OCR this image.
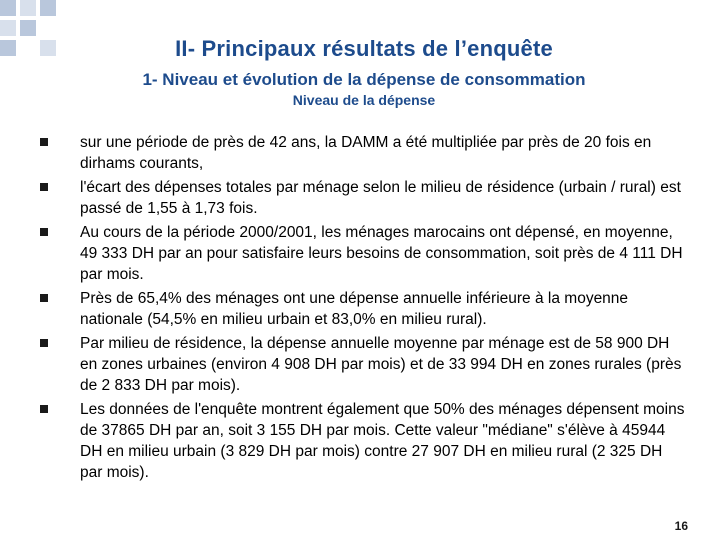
II- Principaux résultats de l’enquête
1- Niveau et évolution de la dépense de consommation
Niveau de la dépense
sur une période de près de 42 ans, la DAMM a été multipliée par près de 20 fois en dirhams courants,
l'écart des dépenses totales par ménage selon le milieu de résidence (urbain / rural) est passé de 1,55 à 1,73 fois.
Au cours de la période 2000/2001, les ménages marocains ont dépensé, en moyenne, 49 333 DH par an pour satisfaire leurs besoins de consommation, soit près de 4 111 DH par mois.
Près de 65,4% des ménages ont une dépense annuelle inférieure à la moyenne nationale (54,5% en milieu urbain et 83,0% en milieu rural).
Par milieu de résidence, la dépense annuelle moyenne par ménage est de 58 900 DH en zones urbaines (environ 4 908 DH par mois) et de 33 994 DH en zones rurales (près de 2 833 DH par mois).
Les données de l'enquête montrent également que 50% des ménages dépensent moins de 37865 DH par an, soit 3 155 DH par mois. Cette valeur "médiane" s'élève à 45944 DH en milieu urbain (3 829 DH par mois) contre 27 907 DH en milieu rural (2 325 DH par mois).
16
